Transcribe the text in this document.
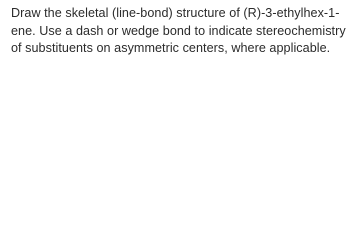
Draw the skeletal (line-bond) structure of (R)-3-ethylhex-1-
ene. Use a dash or wedge bond to indicate stereochemistry
of substituents on asymmetric centers, where applicable.
